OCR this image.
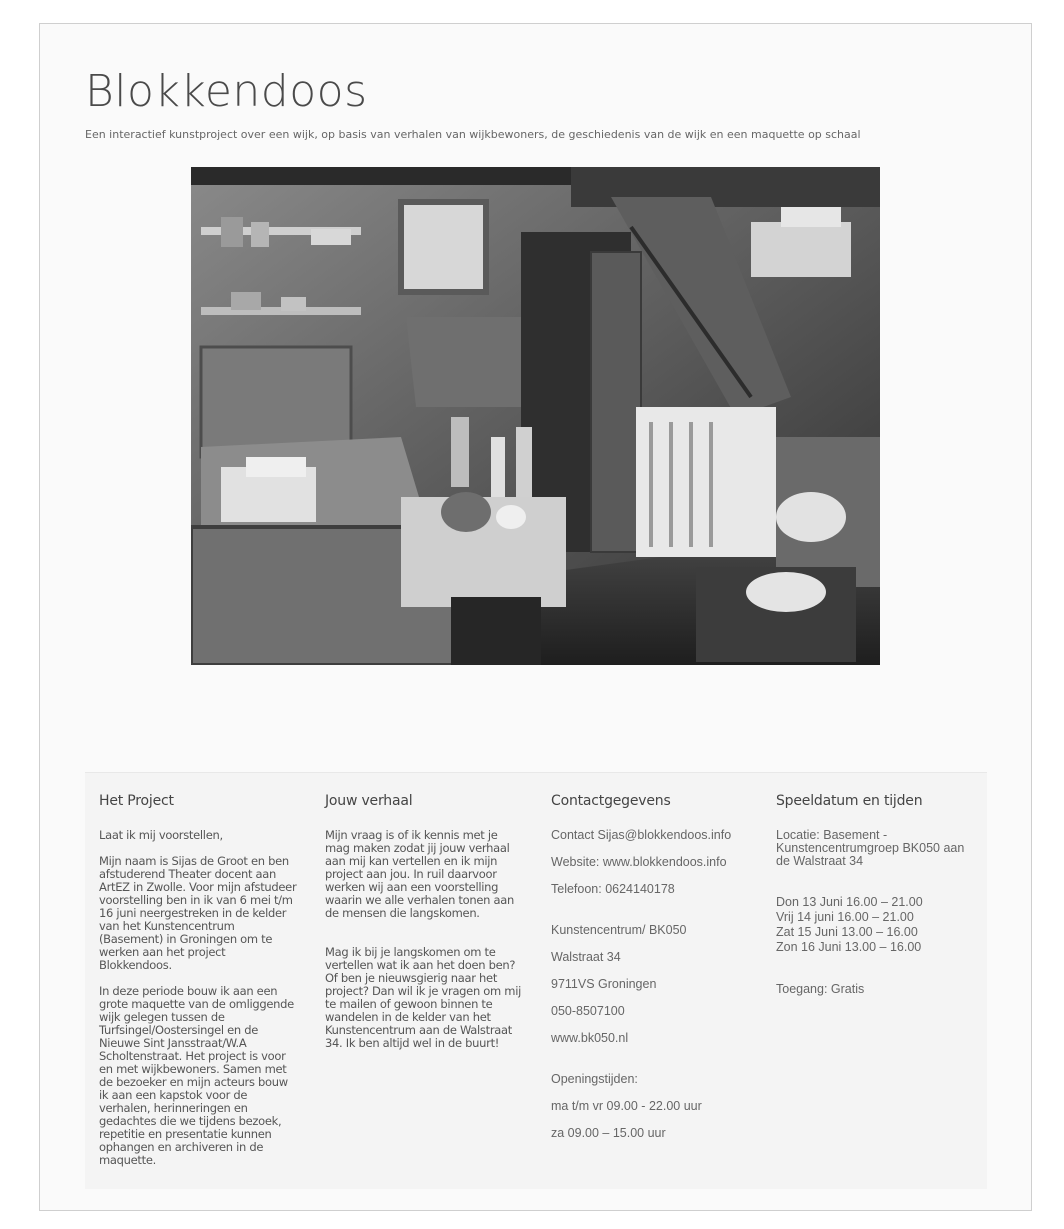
Blokkendoos

Een interactief kunstproject over een wijk, op basis van verhalen van wijkbewoners, de geschiedenis van de wijk en een maquette op schaal

Het Project

Laat ik mij voorstellen,

Mijn naam is Sijas de Groot en ben afstuderend Theater docent aan ArtEZ in Zwolle. Voor mijn afstudeer voorstelling ben in ik van 6 mei t/m 16 juni neergestreken in de kelder van het Kunstencentrum (Basement) in Groningen om te werken aan het project Blokkendoos.

In deze periode bouw ik aan een grote maquette van de omliggende wijk gelegen tussen de Turfsingel/Oostersingel en de Nieuwe Sint Jansstraat/W.A Scholtenstraat. Het project is voor en met wijkbewoners. Samen met de bezoeker en mijn acteurs bouw ik aan een kapstok voor de verhalen, herinneringen en gedachtes die we tijdens bezoek, repetitie en presentatie kunnen ophangen en archiveren in de maquette.

Jouw verhaal

Mijn vraag is of ik kennis met je mag maken zodat jij jouw verhaal aan mij kan vertellen en ik mijn project aan jou. In ruil daarvoor werken wij aan een voorstelling waarin we alle verhalen tonen aan de mensen die langskomen.

Mag ik bij je langskomen om te vertellen wat ik aan het doen ben? Of ben je nieuwsgierig naar het project? Dan wil ik je vragen om mij te mailen of gewoon binnen te wandelen in de kelder van het Kunstencentrum aan de Walstraat 34. Ik ben altijd wel in de buurt!

Contactgegevens

Contact Sijas@blokkendoos.info

Website: www.blokkendoos.info

Telefoon: 0624140178

Kunstencentrum/ BK050

Walstraat 34

9711VS Groningen

050-8507100

www.bk050.nl

Openingstijden:

ma t/m vr 09.00 - 22.00 uur

za 09.00 – 15.00 uur

Speeldatum en tijden

Locatie: Basement - Kunstencentrumgroep BK050 aan de Walstraat 34

Don 13 Juni 16.00 – 21.00

Vrij 14 juni 16.00 – 21.00

Zat 15 Juni 13.00 – 16.00

Zon 16 Juni 13.00 – 16.00

Toegang: Gratis
